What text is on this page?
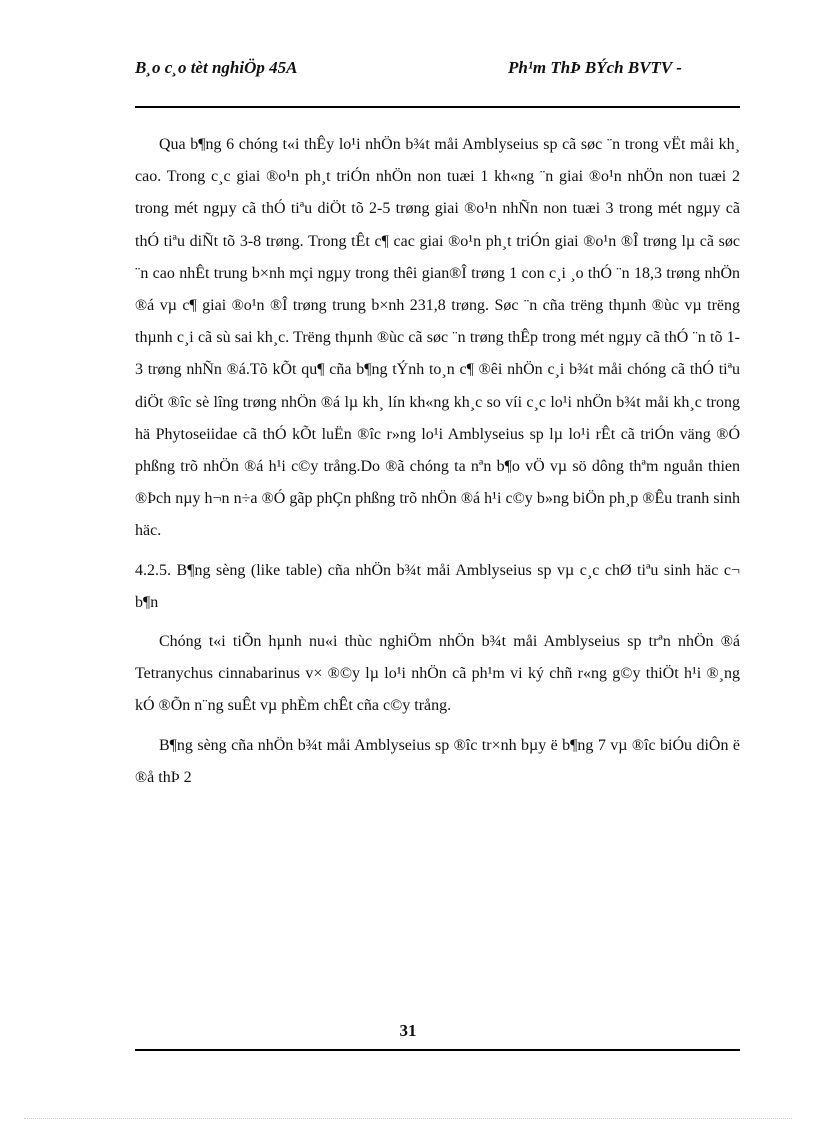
B¸o c¸o tèt nghiÖp 45A	Ph¹m ThÞ BÝch BVTV -

Qua b¶ng 6 chóng t«i thÊy lo¹i nhÖn b¾t måi Amblyseius sp cã søc ¨n trong vËt måi kh¸ cao. Trong c¸c giai ®o¹n ph¸t triÓn nhÖn non tuæi 1 kh«ng ¨n giai ®o¹n nhÖn non tuæi 2 trong mét ngµy cã thÓ tiªu diÖt tõ 2-5 trøng giai ®o¹n nhÑn non tuæi 3 trong mét ngµy cã thÓ tiªu diÑt tõ 3-8 trøng. Trong tÊt c¶ cac giai ®o¹n ph¸t triÓn giai ®o¹n ®Î trøng lµ cã søc ¨n cao nhÊt trung b×nh mçi ngµy trong thêi gian®Î trøng 1 con c¸i ¸o thÓ ¨n 18,3 trøng nhÖn ®á vµ c¶ giai ®o¹n ®Î trøng trung b×nh 231,8 trøng. Søc ¨n cña trëng thµnh ®ùc vµ trëng thµnh c¸i cã sù sai kh¸c. Trëng thµnh ®ùc cã søc ¨n trøng thÊp trong mét ngµy cã thÓ ¨n tõ 1-3 trøng nhÑn ®á.Tõ kÕt qu¶ cña b¶ng tÝnh to¸n c¶ ®êi nhÖn c¸i b¾t måi chóng cã thÓ tiªu diÖt ®îc sè lîng trøng nhÖn ®á lµ kh¸ lín kh«ng kh¸c so víi c¸c lo¹i nhÖn b¾t måi kh¸c trong hä Phytoseiidae cã thÓ kÕt luËn ®îc r»ng lo¹i Amblyseius sp lµ lo¹i rÊt cã triÓn väng ®Ó phßng trõ nhÖn ®á h¹i c©y trång.Do ®ã chóng ta nªn b¶o vÖ vµ sö dông thªm nguån thien ®Þch nµy h¬n n÷a ®Ó gãp phÇn phßng trõ nhÖn ®á h¹i c©y b»ng biÖn ph¸p ®Êu tranh sinh häc.

4.2.5. B¶ng sèng (like table) cña nhÖn b¾t måi Amblyseius sp vµ c¸c chØ tiªu sinh häc c¬ b¶n

Chóng t«i tiÕn hµnh nu«i thùc nghiÖm nhÖn b¾t måi Amblyseius sp trªn nhÖn ®á Tetranychus cinnabarinus v× ®©y lµ lo¹i nhÖn cã ph¹m vi ký chñ r«ng g©y thiÖt h¹i ®¸ng kÓ ®Õn n¨ng suÊt vµ phÈm chÊt cña c©y trång.

B¶ng sèng cña nhÖn b¾t måi Amblyseius sp ®îc tr×nh bµy ë b¶ng 7 vµ ®îc biÓu diÔn ë ®å thÞ 2

31
